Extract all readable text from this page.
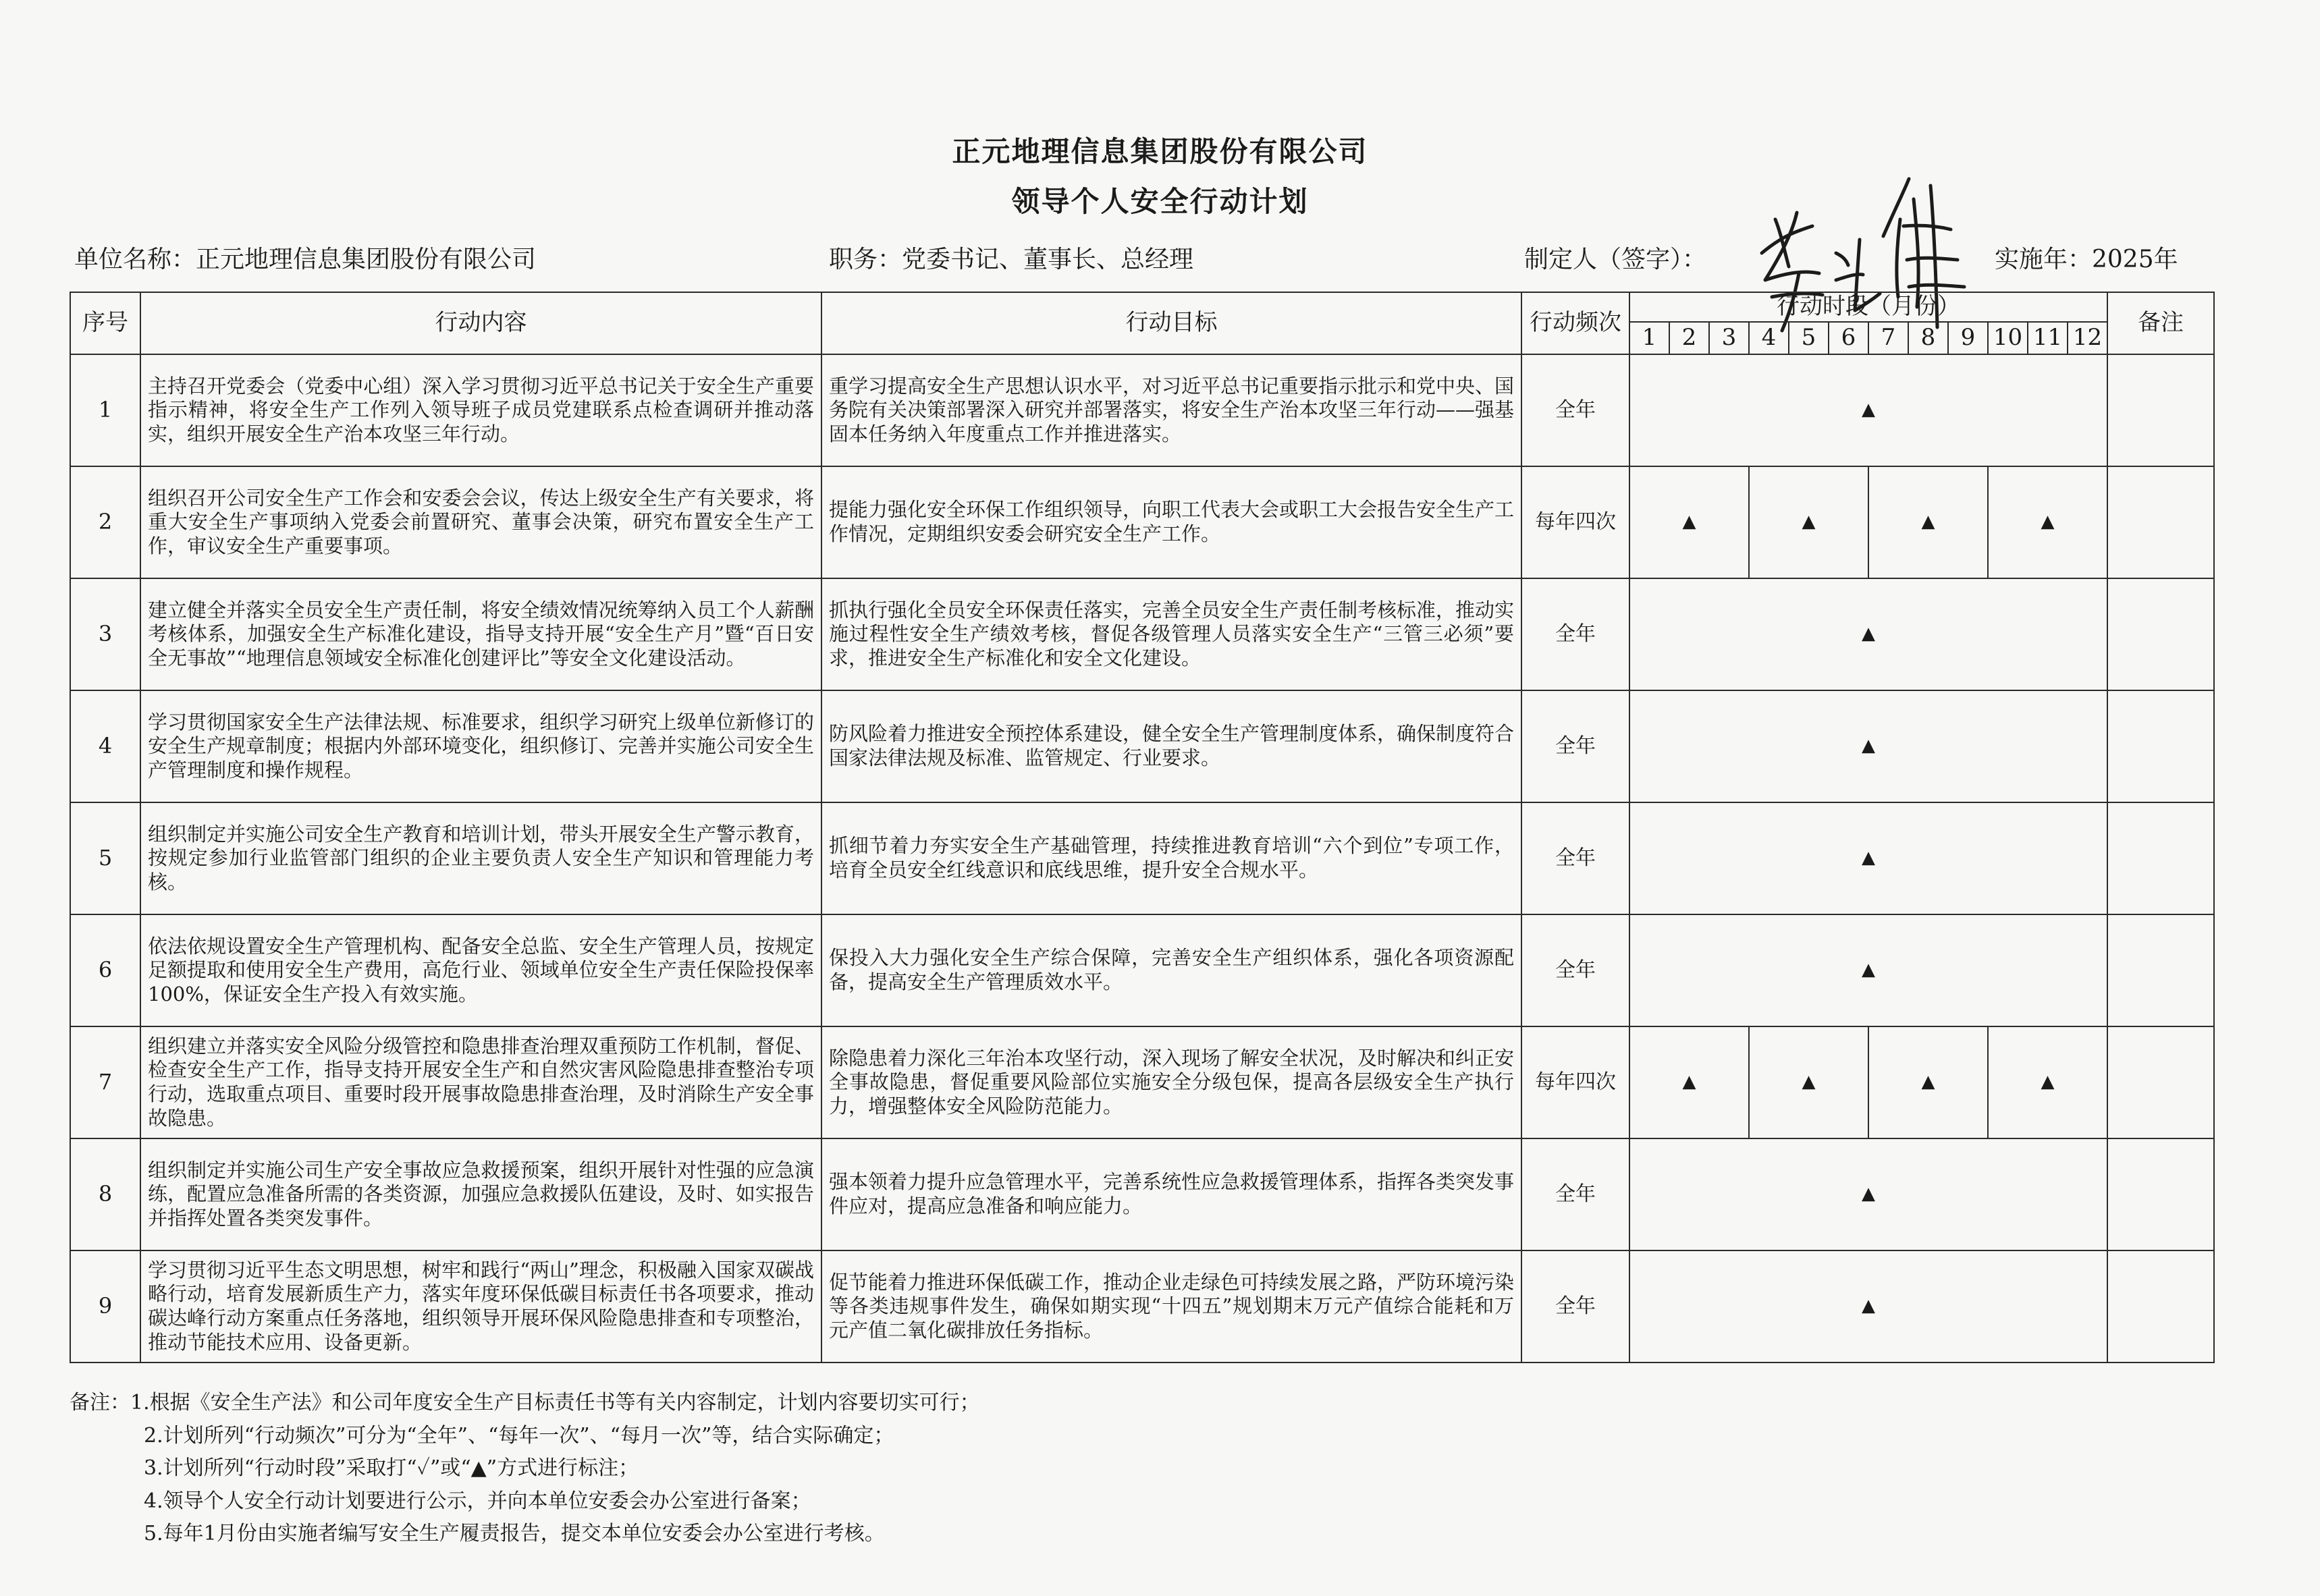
正元地理信息集团股份有限公司
领导个人安全行动计划
单位名称：正元地理信息集团股份有限公司	职务：党委书记、董事长、总经理	制定人（签字）：	实施年：2025年
序号	行动内容	行动目标	行动频次	行动时段（月份）												备注
				1	2	3	4	5	6	7	8	9	10	11	12	
1	主持召开党委会（党委中心组）深入学习贯彻习近平总书记关于安全生产重要指示精神，将安全生产工作列入领导班子成员党建联系点检查调研并推动落实，组织开展安全生产治本攻坚三年行动。	重学习提高安全生产思想认识水平，对习近平总书记重要指示批示和党中央、国务院有关决策部署深入研究并部署落实，将安全生产治本攻坚三年行动——强基固本任务纳入年度重点工作并推进落实。	全年	▲												
2	组织召开公司安全生产工作会和安委会会议，传达上级安全生产有关要求，将重大安全生产事项纳入党委会前置研究、董事会决策，研究布置安全生产工作，审议安全生产重要事项。	提能力强化安全环保工作组织领导，向职工代表大会或职工大会报告安全生产工作情况，定期组织安委会研究安全生产工作。	每年四次	▲			▲			▲			▲			
3	建立健全并落实全员安全生产责任制，将安全绩效情况统筹纳入员工个人薪酬考核体系，加强安全生产标准化建设，指导支持开展“安全生产月”暨“百日安全无事故”“地理信息领域安全标准化创建评比”等安全文化建设活动。	抓执行强化全员安全环保责任落实，完善全员安全生产责任制考核标准，推动实施过程性安全生产绩效考核，督促各级管理人员落实安全生产“三管三必须”要求，推进安全生产标准化和安全文化建设。	全年	▲												
4	学习贯彻国家安全生产法律法规、标准要求，组织学习研究上级单位新修订的安全生产规章制度；根据内外部环境变化，组织修订、完善并实施公司安全生产管理制度和操作规程。	防风险着力推进安全预控体系建设，健全安全生产管理制度体系，确保制度符合国家法律法规及标准、监管规定、行业要求。	全年	▲												
5	组织制定并实施公司安全生产教育和培训计划，带头开展安全生产警示教育，按规定参加行业监管部门组织的企业主要负责人安全生产知识和管理能力考核。	抓细节着力夯实安全生产基础管理，持续推进教育培训“六个到位”专项工作，培育全员安全红线意识和底线思维，提升安全合规水平。	全年	▲												
6	依法依规设置安全生产管理机构、配备安全总监、安全生产管理人员，按规定足额提取和使用安全生产费用，高危行业、领域单位安全生产责任保险投保率100%，保证安全生产投入有效实施。	保投入大力强化安全生产综合保障，完善安全生产组织体系，强化各项资源配备，提高安全生产管理质效水平。	全年	▲												
7	组织建立并落实安全风险分级管控和隐患排查治理双重预防工作机制，督促、检查安全生产工作，指导支持开展安全生产和自然灾害风险隐患排查整治专项行动，选取重点项目、重要时段开展事故隐患排查治理，及时消除生产安全事故隐患。	除隐患着力深化三年治本攻坚行动，深入现场了解安全状况，及时解决和纠正安全事故隐患，督促重要风险部位实施安全分级包保，提高各层级安全生产执行力，增强整体安全风险防范能力。	每年四次	▲			▲			▲			▲			
8	组织制定并实施公司生产安全事故应急救援预案，组织开展针对性强的应急演练，配置应急准备所需的各类资源，加强应急救援队伍建设，及时、如实报告并指挥处置各类突发事件。	强本领着力提升应急管理水平，完善系统性应急救援管理体系，指挥各类突发事件应对，提高应急准备和响应能力。	全年	▲												
9	学习贯彻习近平生态文明思想，树牢和践行“两山”理念，积极融入国家双碳战略行动，培育发展新质生产力，落实年度环保低碳目标责任书各项要求，推动碳达峰行动方案重点任务落地，组织领导开展环保风险隐患排查和专项整治，推动节能技术应用、设备更新。	促节能着力推进环保低碳工作，推动企业走绿色可持续发展之路，严防环境污染等各类违规事件发生，确保如期实现“十四五”规划期末万元产值综合能耗和万元产值二氧化碳排放任务指标。	全年	▲												
备注：1.根据《安全生产法》和公司年度安全生产目标责任书等有关内容制定，计划内容要切实可行；
2.计划所列“行动频次”可分为“全年”、“每年一次”、“每月一次”等，结合实际确定；
3.计划所列“行动时段”采取打“✓”或“▲”方式进行标注；
4.领导个人安全行动计划要进行公示，并向本单位安委会办公室进行备案；
5.每年1月份由实施者编写安全生产履责报告，提交本单位安委会办公室进行考核。
